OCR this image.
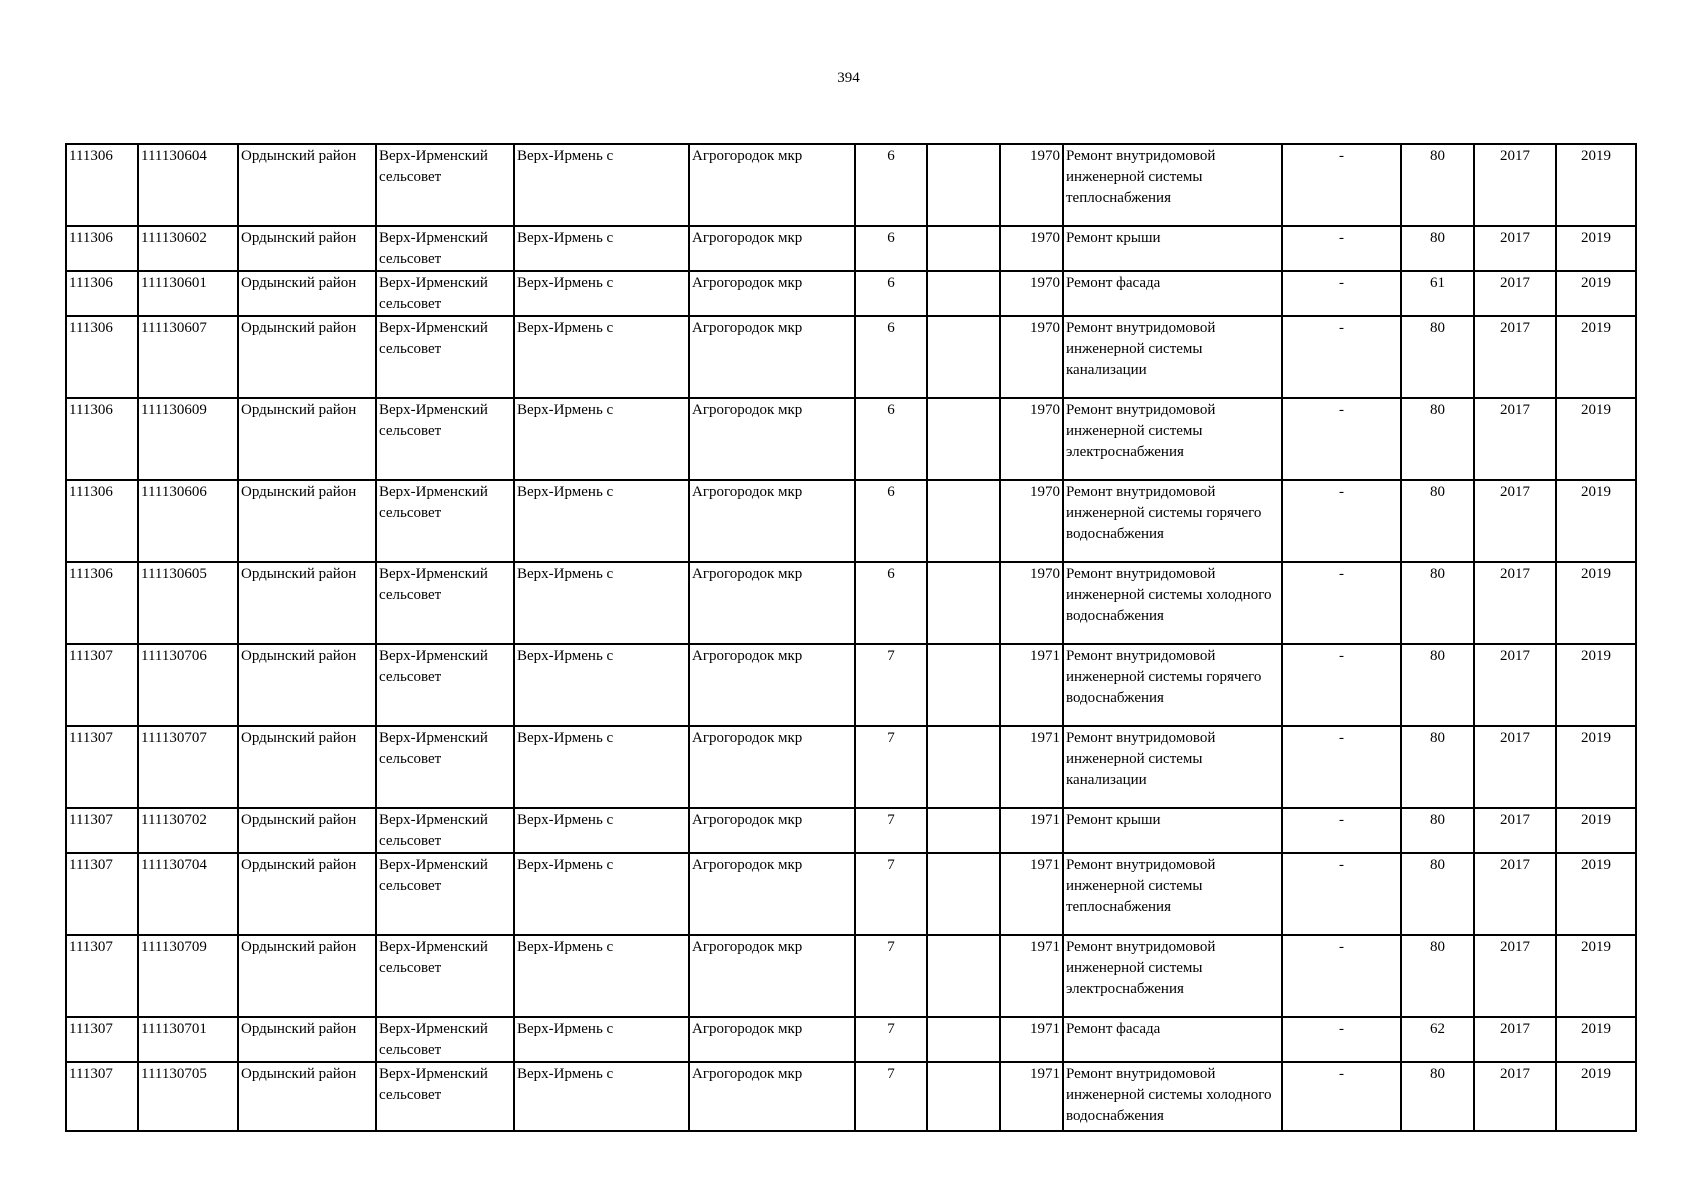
394
111306	111130604	Ордынский район	Верх-Ирменский сельсовет	Верх-Ирмень с	Агрогородок мкр	6		1970	Ремонт внутридомовой инженерной системы теплоснабжения	-	80	2017	2019
111306	111130602	Ордынский район	Верх-Ирменский сельсовет	Верх-Ирмень с	Агрогородок мкр	6		1970	Ремонт крыши	-	80	2017	2019
111306	111130601	Ордынский район	Верх-Ирменский сельсовет	Верх-Ирмень с	Агрогородок мкр	6		1970	Ремонт фасада	-	61	2017	2019
111306	111130607	Ордынский район	Верх-Ирменский сельсовет	Верх-Ирмень с	Агрогородок мкр	6		1970	Ремонт внутридомовой инженерной системы канализации	-	80	2017	2019
111306	111130609	Ордынский район	Верх-Ирменский сельсовет	Верх-Ирмень с	Агрогородок мкр	6		1970	Ремонт внутридомовой инженерной системы электроснабжения	-	80	2017	2019
111306	111130606	Ордынский район	Верх-Ирменский сельсовет	Верх-Ирмень с	Агрогородок мкр	6		1970	Ремонт внутридомовой инженерной системы горячего водоснабжения	-	80	2017	2019
111306	111130605	Ордынский район	Верх-Ирменский сельсовет	Верх-Ирмень с	Агрогородок мкр	6		1970	Ремонт внутридомовой инженерной системы холодного водоснабжения	-	80	2017	2019
111307	111130706	Ордынский район	Верх-Ирменский сельсовет	Верх-Ирмень с	Агрогородок мкр	7		1971	Ремонт внутридомовой инженерной системы горячего водоснабжения	-	80	2017	2019
111307	111130707	Ордынский район	Верх-Ирменский сельсовет	Верх-Ирмень с	Агрогородок мкр	7		1971	Ремонт внутридомовой инженерной системы канализации	-	80	2017	2019
111307	111130702	Ордынский район	Верх-Ирменский сельсовет	Верх-Ирмень с	Агрогородок мкр	7		1971	Ремонт крыши	-	80	2017	2019
111307	111130704	Ордынский район	Верх-Ирменский сельсовет	Верх-Ирмень с	Агрогородок мкр	7		1971	Ремонт внутридомовой инженерной системы теплоснабжения	-	80	2017	2019
111307	111130709	Ордынский район	Верх-Ирменский сельсовет	Верх-Ирмень с	Агрогородок мкр	7		1971	Ремонт внутридомовой инженерной системы электроснабжения	-	80	2017	2019
111307	111130701	Ордынский район	Верх-Ирменский сельсовет	Верх-Ирмень с	Агрогородок мкр	7		1971	Ремонт фасада	-	62	2017	2019
111307	111130705	Ордынский район	Верх-Ирменский сельсовет	Верх-Ирмень с	Агрогородок мкр	7		1971	Ремонт внутридомовой инженерной системы холодного водоснабжения	-	80	2017	2019
